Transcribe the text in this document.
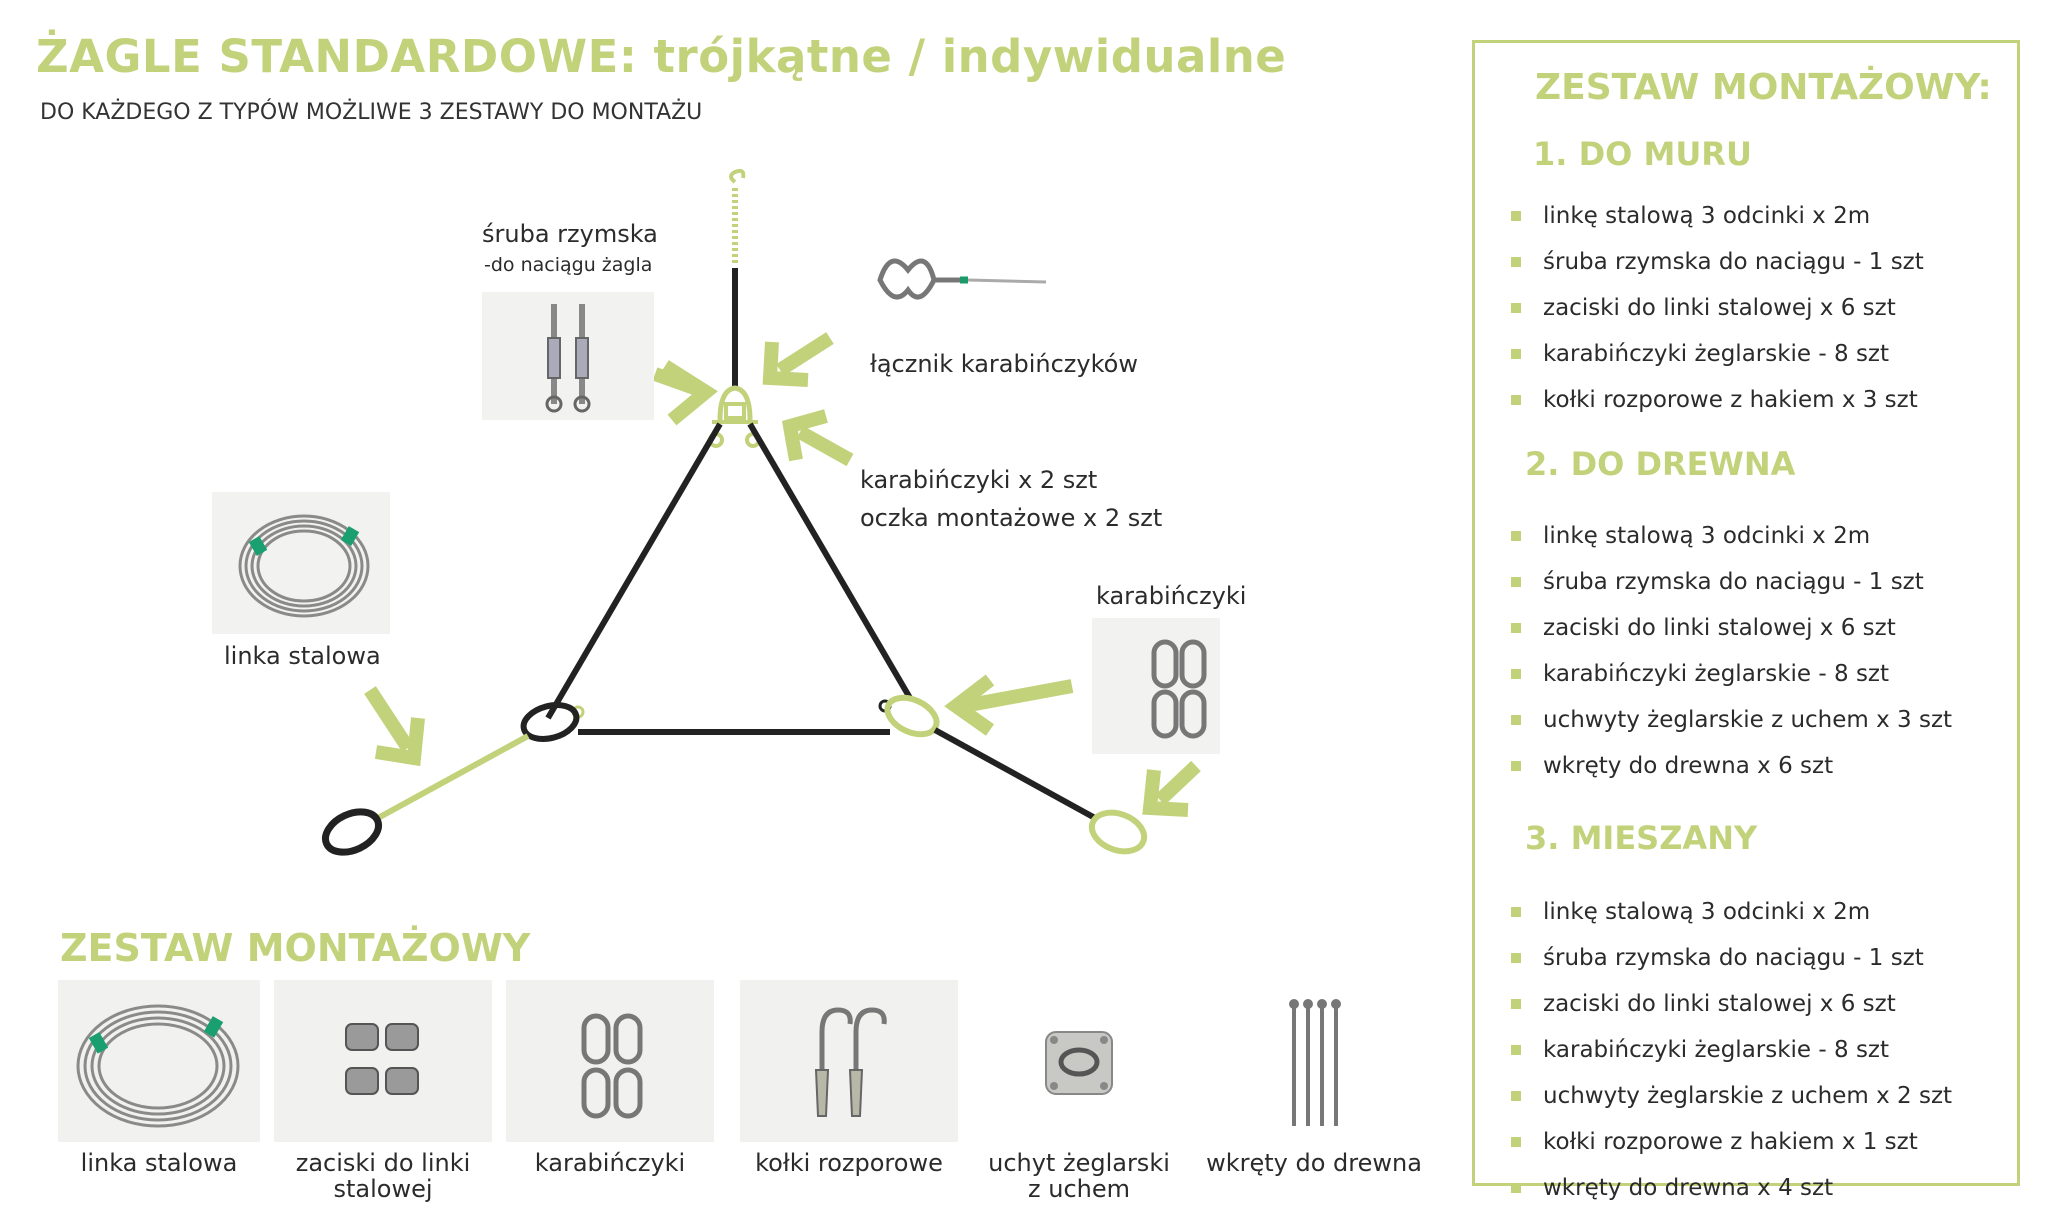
ŻAGLE STANDARDOWE: trójkątne / indywidualne
DO KAŻDEGO Z TYPÓW MOŻLIWE 3 ZESTAWY DO MONTAŻU
śruba rzymska
-do naciągu żagla
łącznik karabińczyków
karabińczyki x 2 szt
oczka montażowe x 2 szt
linka stalowa
karabińczyki
ZESTAW MONTAŻOWY
linka stalowa	zaciski do linki
stalowej
karabińczyki	kołki rozporowe	uchyt żeglarski
z uchem
wkręty do drewna
ZESTAW MONTAŻOWY:
1. DO MURU
linkę stalową 3 odcinki x 2m
śruba rzymska do naciągu - 1 szt
zaciski do linki stalowej x 6 szt
karabińczyki żeglarskie - 8 szt
kołki rozporowe z hakiem x 3 szt
2. DO DREWNA
linkę stalową 3 odcinki x 2m
śruba rzymska do naciągu - 1 szt
zaciski do linki stalowej x 6 szt
karabińczyki żeglarskie - 8 szt
uchwyty żeglarskie z uchem x 3 szt
wkręty do drewna x 6 szt
3. MIESZANY
linkę stalową 3 odcinki x 2m
śruba rzymska do naciągu - 1 szt
zaciski do linki stalowej x 6 szt
karabińczyki żeglarskie - 8 szt
uchwyty żeglarskie z uchem x 2 szt
kołki rozporowe z hakiem x 1 szt
wkręty do drewna x 4 szt
